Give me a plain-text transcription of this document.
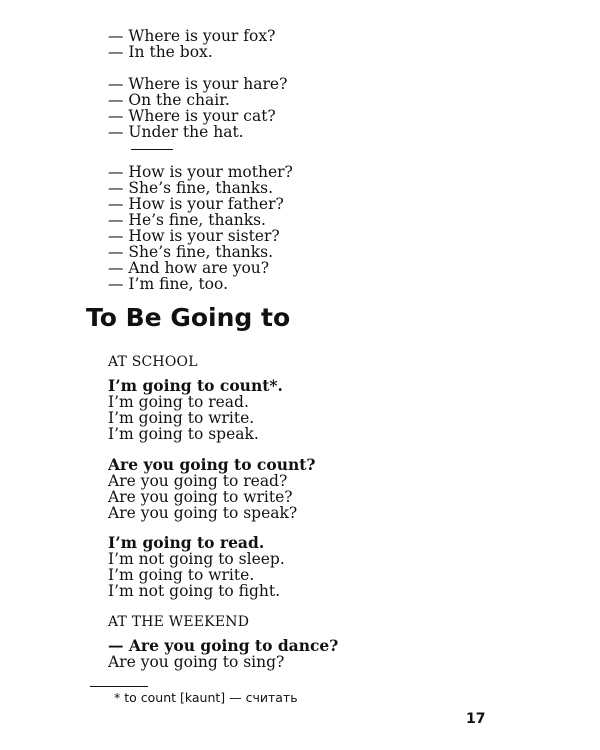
— Where is your fox?
— In the box.
— Where is your hare?
— On the chair.
— Where is your cat?
— Under the hat.
— How is your mother?
— She’s fine, thanks.
— How is your father?
— He’s fine, thanks.
— How is your sister?
— She’s fine, thanks.
— And how are you?
— I’m fine, too.
To Be Going to
AT SCHOOL
I’m going to count*.
I’m going to read.
I’m going to write.
I’m going to speak.
Are you going to count?
Are you going to read?
Are you going to write?
Are you going to speak?
I’m going to read.
I’m not going to sleep.
I’m going to write.
I’m not going to fight.
AT THE WEEKEND
— Are you going to dance?
Are you going to sing?
* to count [kaunt] — считать
17
